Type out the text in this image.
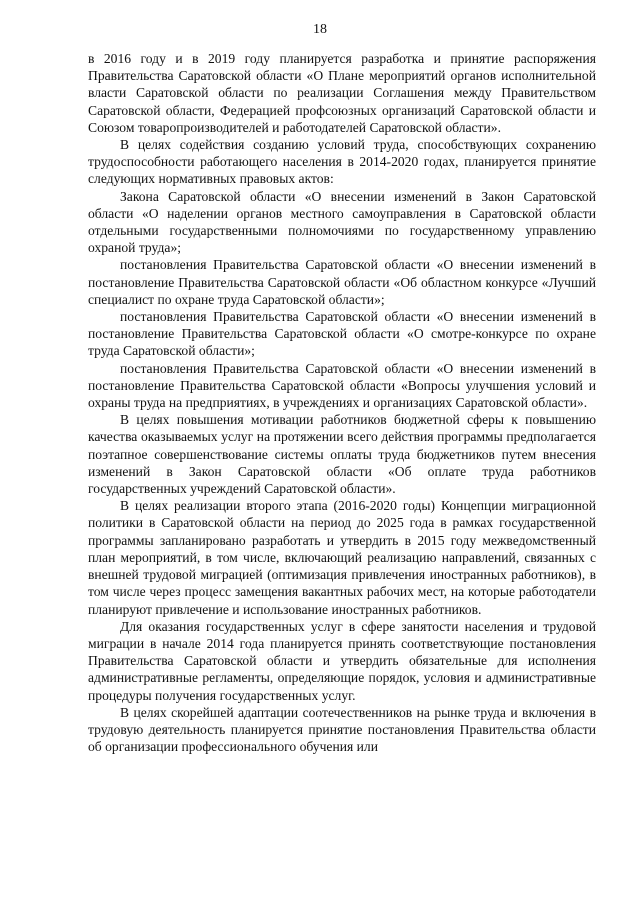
18

в 2016 году и в 2019 году планируется разработка и принятие распоряжения Правительства Саратовской области «О Плане мероприятий органов исполнительной власти Саратовской области по реализации Соглашения между Правительством Саратовской области, Федерацией профсоюзных организаций Саратовской области и Союзом товаропроизводителей и работодателей Саратовской области».

В целях содействия созданию условий труда, способствующих сохранению трудоспособности работающего населения в 2014-2020 годах, планируется принятие следующих нормативных правовых актов:

Закона Саратовской области «О внесении изменений в Закон Саратовской области «О наделении органов местного самоуправления в Саратовской области отдельными государственными полномочиями по государственному управлению охраной труда»;

постановления Правительства Саратовской области «О внесении изменений в постановление Правительства Саратовской области «Об областном конкурсе «Лучший специалист по охране труда Саратовской области»;

постановления Правительства Саратовской области «О внесении изменений в постановление Правительства Саратовской области «О смотре-конкурсе по охране труда Саратовской области»;

постановления Правительства Саратовской области «О внесении изменений в постановление Правительства Саратовской области «Вопросы улучшения условий и охраны труда на предприятиях, в учреждениях и организациях Саратовской области».

В целях повышения мотивации работников бюджетной сферы к повышению качества оказываемых услуг на протяжении всего действия программы предполагается поэтапное совершенствование системы оплаты труда бюджетников путем внесения изменений в Закон Саратовской области «Об оплате труда работников государственных учреждений Саратовской области».

В целях реализации второго этапа (2016-2020 годы) Концепции миграционной политики в Саратовской области на период до 2025 года в рамках государственной программы запланировано разработать и утвердить в 2015 году межведомственный план мероприятий, в том числе, включающий реализацию направлений, связанных с внешней трудовой миграцией (оптимизация привлечения иностранных работников), в том числе через процесс замещения вакантных рабочих мест, на которые работодатели планируют привлечение и использование иностранных работников.

Для оказания государственных услуг в сфере занятости населения и трудовой миграции в начале 2014 года планируется принять соответствующие постановления Правительства Саратовской области и утвердить обязательные для исполнения административные регламенты, определяющие порядок, условия и административные процедуры получения государственных услуг.

В целях скорейшей адаптации соотечественников на рынке труда и включения в трудовую деятельность планируется принятие постановления Правительства области об организации профессионального обучения или
